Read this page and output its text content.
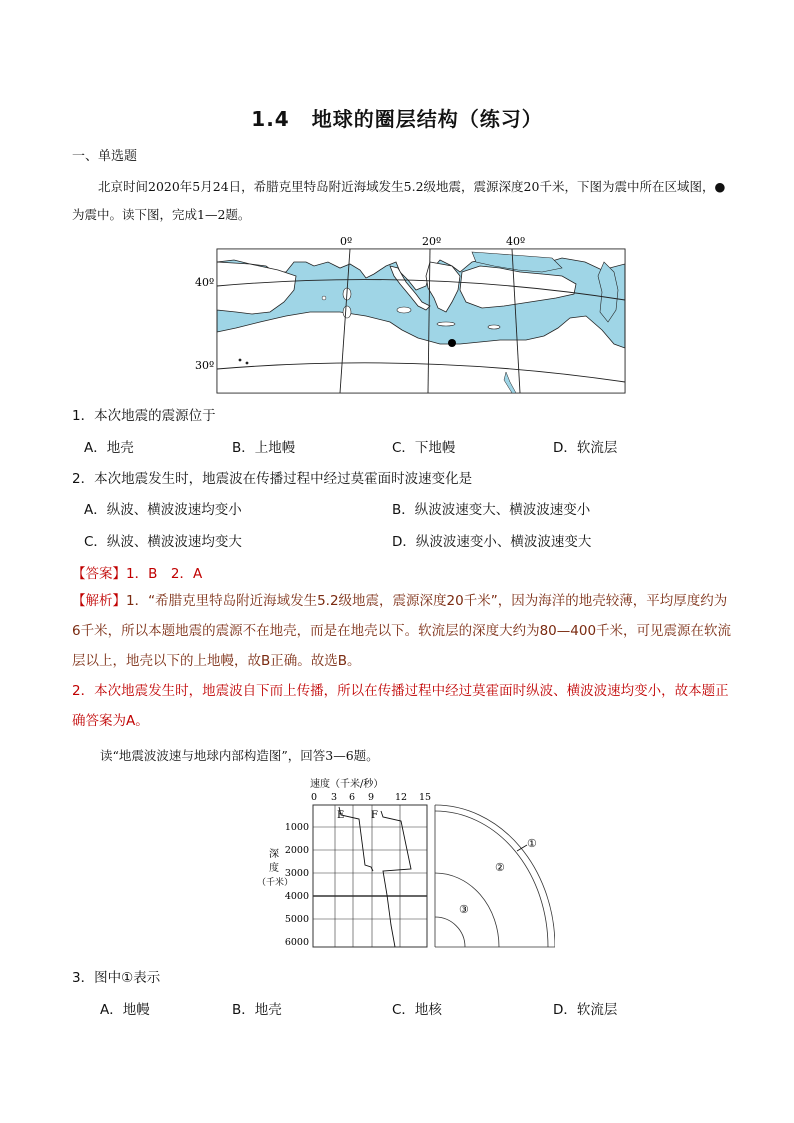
1.4 地球的圈层结构（练习）
一、单选题
北京时间2020年5月24日，希腊克里特岛附近海域发生5.2级地震，震源深度20千米，下图为震中所在区域图，●为震中。读下图，完成1—2题。
0º	20º	40º
40º
30º
1．本次地震的震源位于
A．地壳	B．上地幔	C．下地幔	D．软流层
2．本次地震发生时，地震波在传播过程中经过莫霍面时波速变化是
A．纵波、横波波速均变小	B．纵波波速变大、横波波速变小
C．纵波、横波波速均变大	D．纵波波速变小、横波波速变大
【答案】1．B　2．A
【解析】1．“希腊克里特岛附近海域发生5.2级地震，震源深度20千米”，因为海洋的地壳较薄，平均厚度约为6千米，所以本题地震的震源不在地壳，而是在地壳以下。软流层的深度大约为80—400千米，可见震源在软流层以上，地壳以下的上地幔，故B正确。故选B。
2．本次地震发生时，地震波自下而上传播，所以在传播过程中经过莫霍面时纵波、横波波速均变小，故本题正确答案为A。
读“地震波波速与地球内部构造图”，回答3—6题。
速度（千米/秒）
0 3 6 9 12 15
1000
2000
3000
4000
5000
6000
深
度
（千米）
E	F
①
②
③
3．图中①表示
A．地幔	B．地壳	C．地核	D．软流层
